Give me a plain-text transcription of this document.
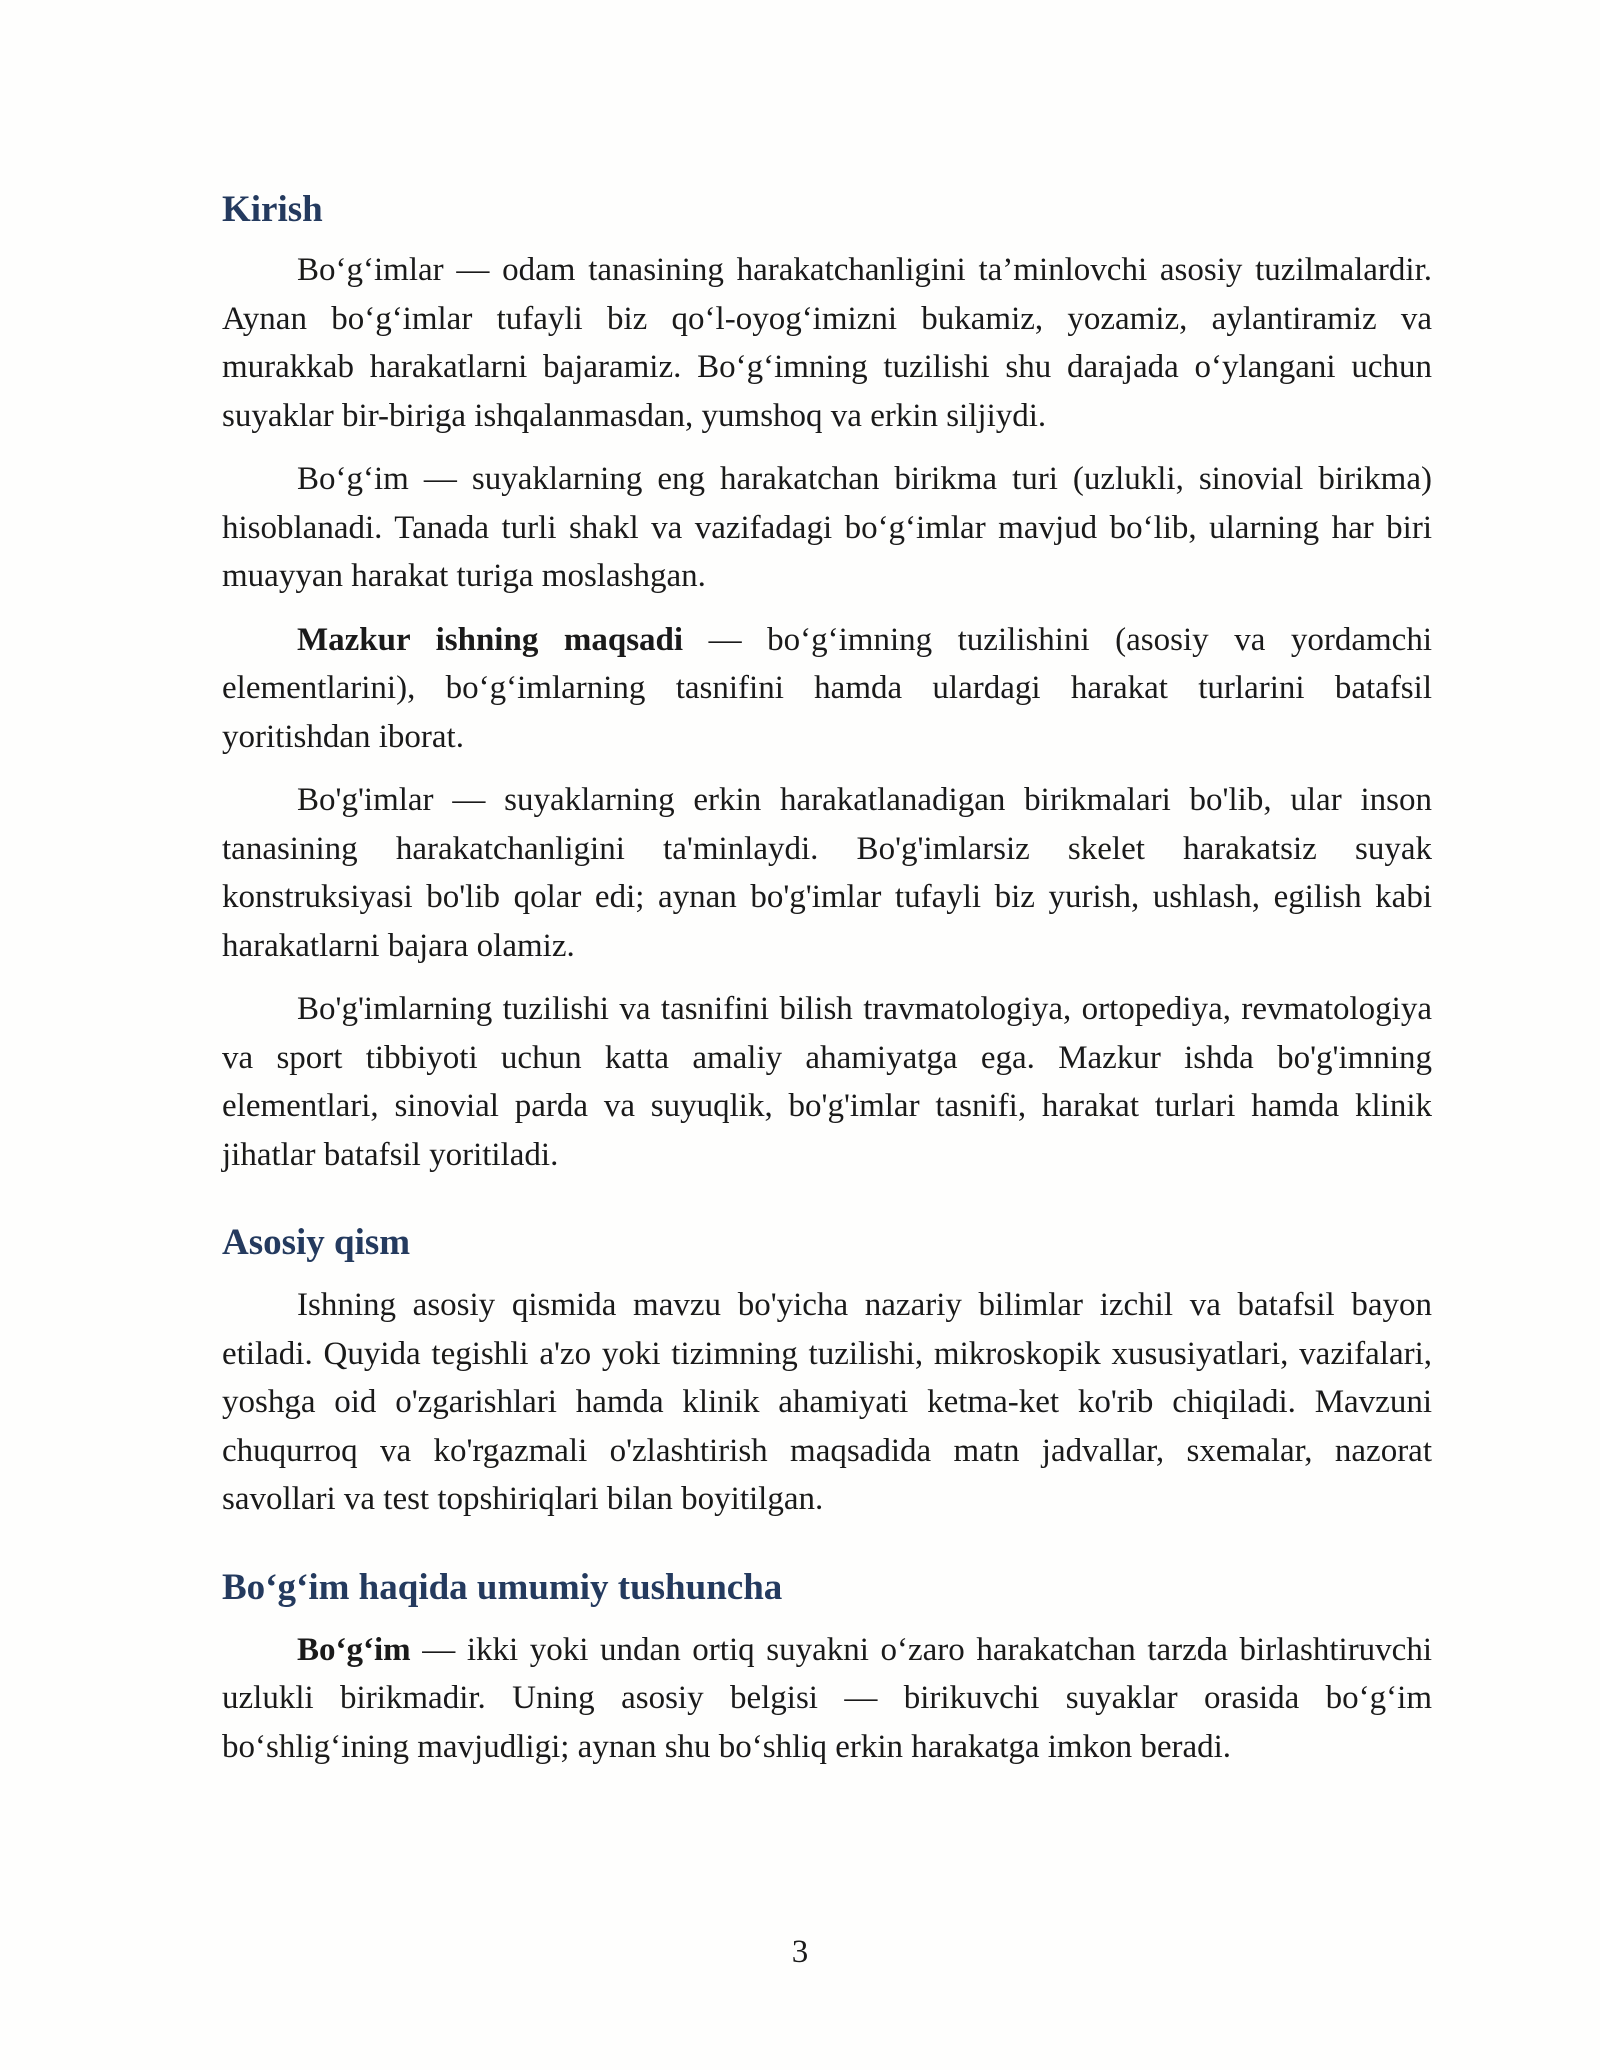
Kirish

Bo‘g‘imlar — odam tanasining harakatchanligini ta’minlovchi asosiy tuzilmalardir. Aynan bo‘g‘imlar tufayli biz qo‘l-oyog‘imizni bukamiz, yozamiz, aylantiramiz va murakkab harakatlarni bajaramiz. Bo‘g‘imning tuzilishi shu darajada o‘ylangani uchun suyaklar bir-biriga ishqalanmasdan, yumshoq va erkin siljiydi.

Bo‘g‘im — suyaklarning eng harakatchan birikma turi (uzlukli, sinovial birikma) hisoblanadi. Tanada turli shakl va vazifadagi bo‘g‘imlar mavjud bo‘lib, ularning har biri muayyan harakat turiga moslashgan.

Mazkur ishning maqsadi — bo‘g‘imning tuzilishini (asosiy va yordamchi elementlarini), bo‘g‘imlarning tasnifini hamda ulardagi harakat turlarini batafsil yoritishdan iborat.

Bo'g'imlar — suyaklarning erkin harakatlanadigan birikmalari bo'lib, ular inson tanasining harakatchanligini ta'minlaydi. Bo'g'imlarsiz skelet harakatsiz suyak konstruksiyasi bo'lib qolar edi; aynan bo'g'imlar tufayli biz yurish, ushlash, egilish kabi harakatlarni bajara olamiz.

Bo'g'imlarning tuzilishi va tasnifini bilish travmatologiya, ortopediya, revmatologiya va sport tibbiyoti uchun katta amaliy ahamiyatga ega. Mazkur ishda bo'g'imning elementlari, sinovial parda va suyuqlik, bo'g'imlar tasnifi, harakat turlari hamda klinik jihatlar batafsil yoritiladi.

Asosiy qism

Ishning asosiy qismida mavzu bo'yicha nazariy bilimlar izchil va batafsil bayon etiladi. Quyida tegishli a'zo yoki tizimning tuzilishi, mikroskopik xususiyatlari, vazifalari, yoshga oid o'zgarishlari hamda klinik ahamiyati ketma-ket ko'rib chiqiladi. Mavzuni chuqurroq va ko'rgazmali o'zlashtirish maqsadida matn jadvallar, sxemalar, nazorat savollari va test topshiriqlari bilan boyitilgan.

Bo‘g‘im haqida umumiy tushuncha

Bo‘g‘im — ikki yoki undan ortiq suyakni o‘zaro harakatchan tarzda birlashtiruvchi uzlukli birikmadir. Uning asosiy belgisi — birikuvchi suyaklar orasida bo‘g‘im bo‘shlig‘ining mavjudligi; aynan shu bo‘shliq erkin harakatga imkon beradi.

3
